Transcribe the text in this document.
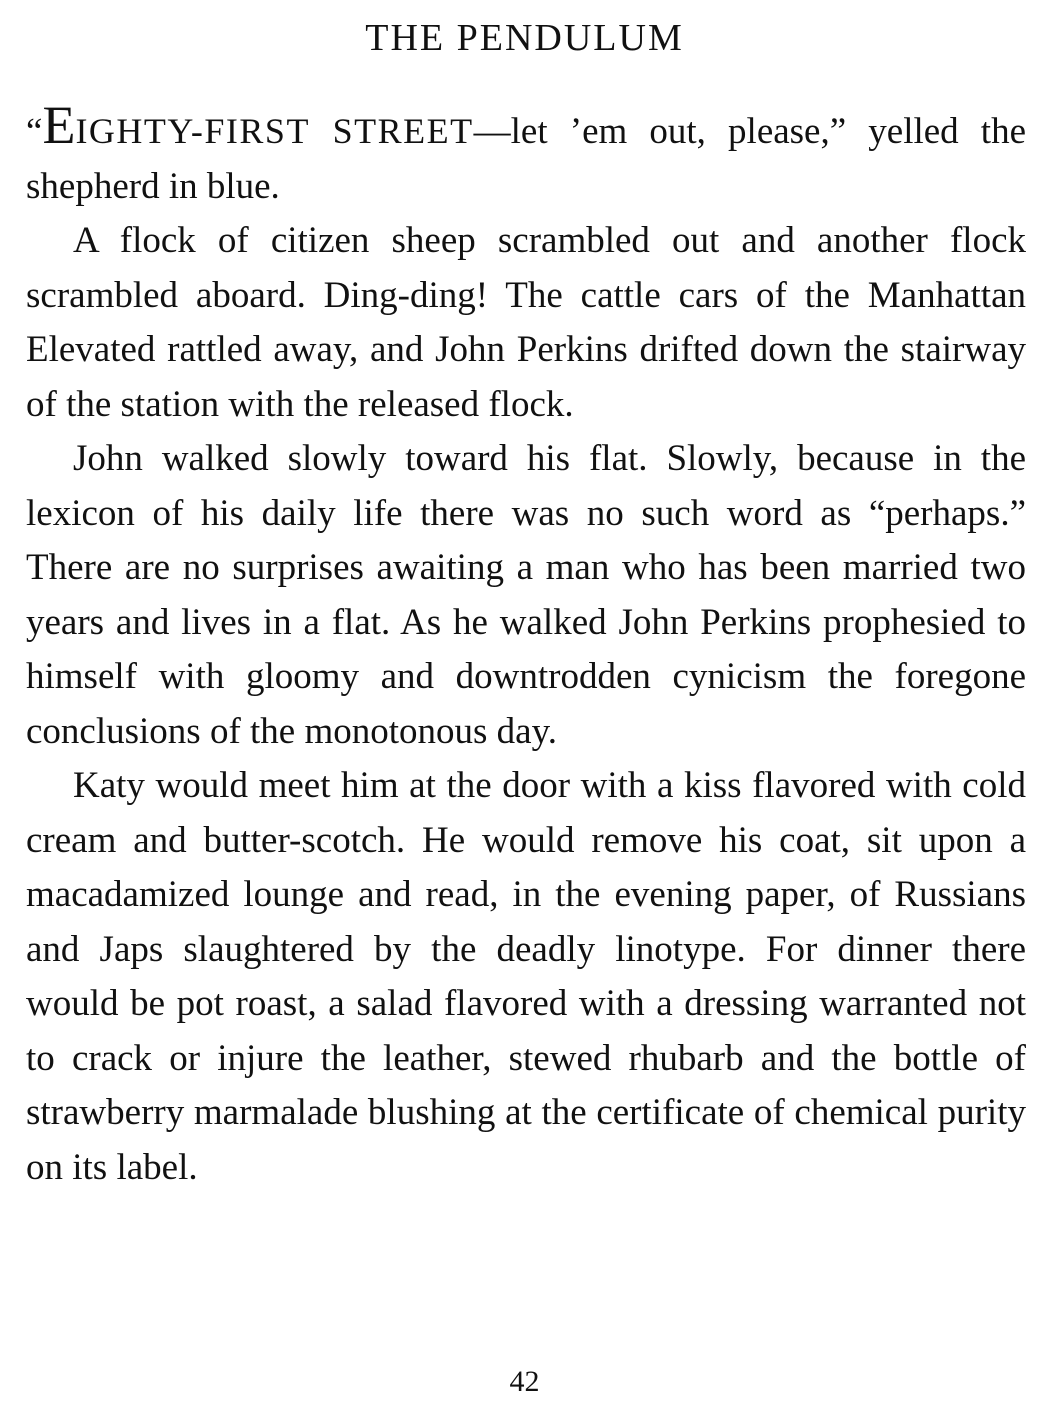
THE PENDULUM

“EIGHTY-FIRST STREET—let ’em out, please,” yelled the shepherd in blue.

A flock of citizen sheep scrambled out and another flock scrambled aboard. Ding-ding! The cattle cars of the Manhattan Elevated rattled away, and John Perkins drifted down the stairway of the station with the released flock.

John walked slowly toward his flat. Slowly, because in the lexicon of his daily life there was no such word as “perhaps.” There are no surprises awaiting a man who has been married two years and lives in a flat. As he walked John Perkins prophesied to himself with gloomy and downtrodden cynicism the foregone conclusions of the monotonous day.

Katy would meet him at the door with a kiss flavored with cold cream and butter-scotch. He would remove his coat, sit upon a macadamized lounge and read, in the evening paper, of Russians and Japs slaughtered by the deadly linotype. For dinner there would be pot roast, a salad flavored with a dressing warranted not to crack or injure the leather, stewed rhubarb and the bottle of strawberry marmalade blushing at the certificate of chemical purity on its label.

42
